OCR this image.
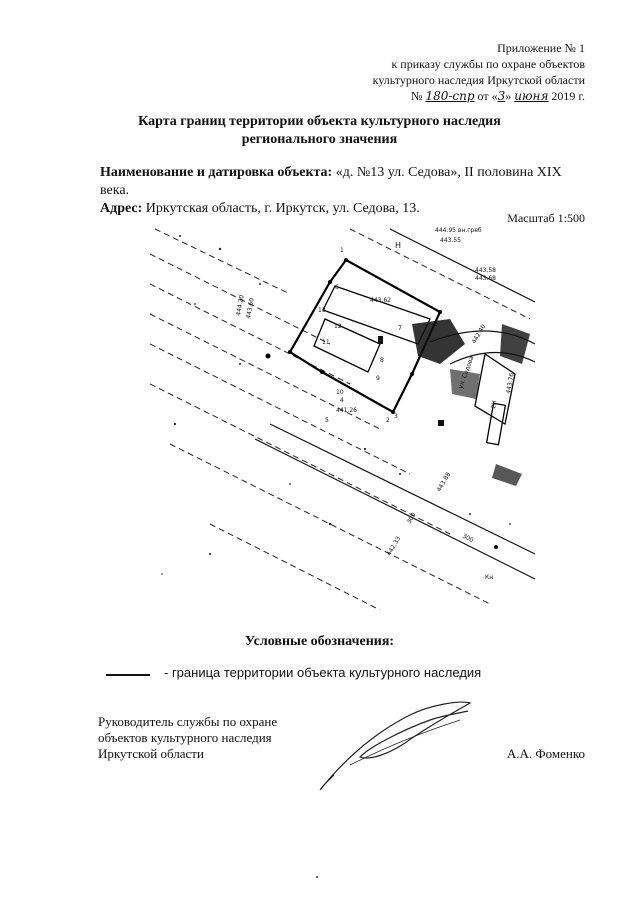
Приложение № 1
к приказу службы по охране объектов
культурного наследия Иркутской области
№ 180-спр от «3» июня 2019 г.
Карта границ территории объекта культурного наследия
регионального значения
Наименование и датировка объекта: «д. №13 ул. Седова», II половина XIX века.
Адрес: Иркутская область, г. Иркутск, ул. Седова, 13.
Масштаб 1:500
1
2
3
4
5
6
7
8
9
10
11
12
13
Н
444.95 вн.греб
443.55
444.20 443.60
443.58
443.68
443.62
441.26
443.88
442.33
442.40
443.76
300
300
Кн
2Н
ул. Седова
Условные обозначения:
- граница территории объекта культурного наследия
Руководитель службы по охране
объектов культурного наследия
Иркутской области	А.А. Фоменко
